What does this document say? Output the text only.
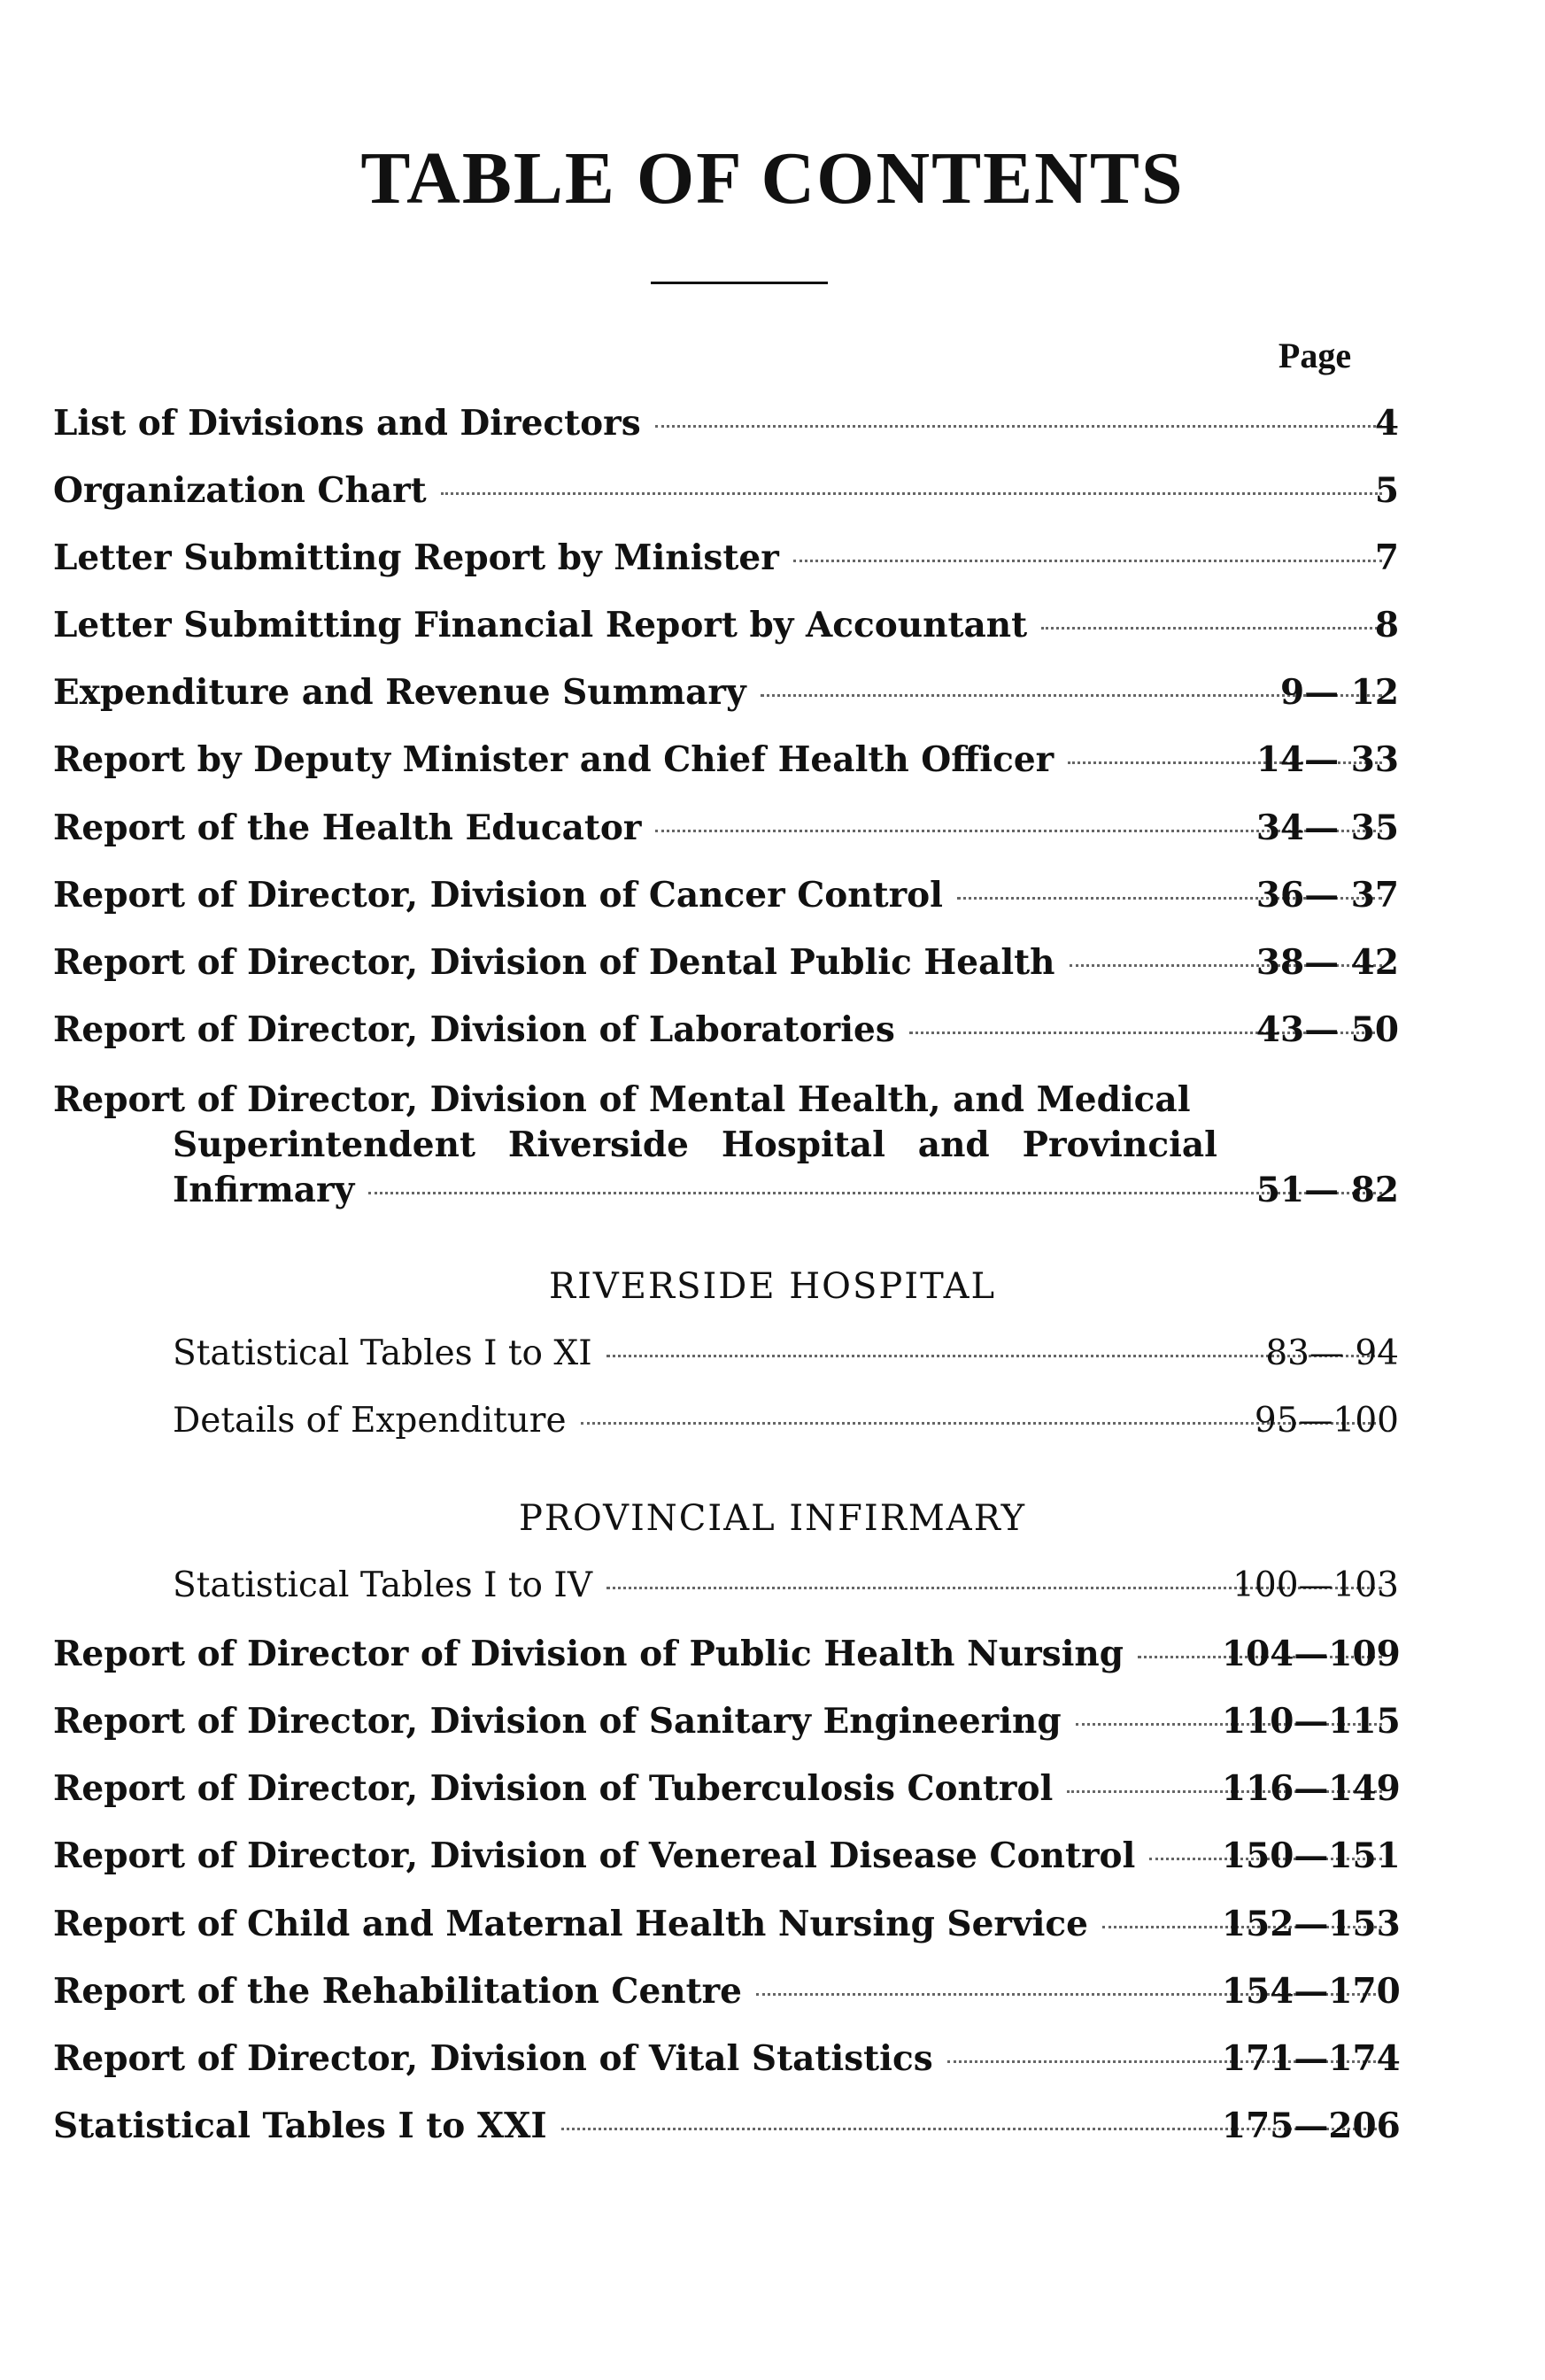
TABLE OF CONTENTS
Page
List of Divisions and Directors	4
Organization Chart	5
Letter Submitting Report by Minister	7
Letter Submitting Financial Report by Accountant	8
Expenditure and Revenue Summary	9— 12
Report by Deputy Minister and Chief Health Officer	14— 33
Report of the Health Educator	34— 35
Report of Director, Division of Cancer Control	36— 37
Report of Director, Division of Dental Public Health	38— 42
Report of Director, Division of Laboratories	43— 50
Report of Director, Division of Mental Health, and Medical
Superintendent Riverside Hospital and Provincial
Infirmary	51— 82
RIVERSIDE HOSPITAL
Statistical Tables I to XI	83— 94
Details of Expenditure	95—100
PROVINCIAL INFIRMARY
Statistical Tables I to IV	100—103
Report of Director of Division of Public Health Nursing	104—109
Report of Director, Division of Sanitary Engineering	110—115
Report of Director, Division of Tuberculosis Control	116—149
Report of Director, Division of Venereal Disease Control	150—151
Report of Child and Maternal Health Nursing Service	152—153
Report of the Rehabilitation Centre	154—170
Report of Director, Division of Vital Statistics	171—174
Statistical Tables I to XXI	175—206
